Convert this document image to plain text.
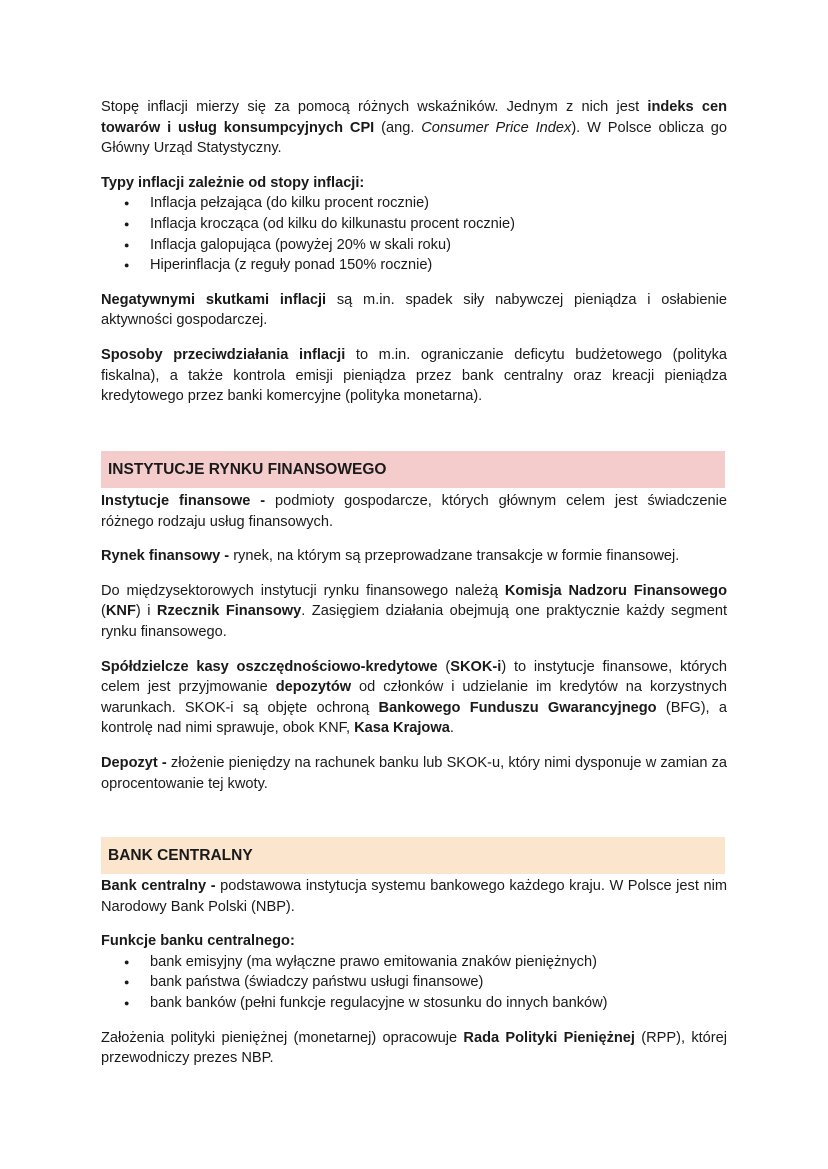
Stopę inflacji mierzy się za pomocą różnych wskaźników. Jednym z nich jest indeks cen towarów i usług konsumpcyjnych CPI (ang. Consumer Price Index). W Polsce oblicza go Główny Urząd Statystyczny.

Typy inflacji zależnie od stopy inflacji:

● Inflacja pełzająca (do kilku procent rocznie)
● Inflacja krocząca (od kilku do kilkunastu procent rocznie)
● Inflacja galopująca (powyżej 20% w skali roku)
● Hiperinflacja (z reguły ponad 150% rocznie)

Negatywnymi skutkami inflacji są m.in. spadek siły nabywczej pieniądza i osłabienie aktywności gospodarczej.

Sposoby przeciwdziałania inflacji to m.in. ograniczanie deficytu budżetowego (polityka fiskalna), a także kontrola emisji pieniądza przez bank centralny oraz kreacji pieniądza kredytowego przez banki komercyjne (polityka monetarna).

INSTYTUCJE RYNKU FINANSOWEGO

Instytucje finansowe - podmioty gospodarcze, których głównym celem jest świadczenie różnego rodzaju usług finansowych.

Rynek finansowy - rynek, na którym są przeprowadzane transakcje w formie finansowej.

Do międzysektorowych instytucji rynku finansowego należą Komisja Nadzoru Finansowego (KNF) i Rzecznik Finansowy. Zasięgiem działania obejmują one praktycznie każdy segment rynku finansowego.

Spółdzielcze kasy oszczędnościowo-kredytowe (SKOK-i) to instytucje finansowe, których celem jest przyjmowanie depozytów od członków i udzielanie im kredytów na korzystnych warunkach. SKOK-i są objęte ochroną Bankowego Funduszu Gwarancyjnego (BFG), a kontrolę nad nimi sprawuje, obok KNF, Kasa Krajowa.

Depozyt - złożenie pieniędzy na rachunek banku lub SKOK-u, który nimi dysponuje w zamian za oprocentowanie tej kwoty.

BANK CENTRALNY

Bank centralny - podstawowa instytucja systemu bankowego każdego kraju. W Polsce jest nim Narodowy Bank Polski (NBP).

Funkcje banku centralnego:

● bank emisyjny (ma wyłączne prawo emitowania znaków pieniężnych)
● bank państwa (świadczy państwu usługi finansowe)
● bank banków (pełni funkcje regulacyjne w stosunku do innych banków)

Założenia polityki pieniężnej (monetarnej) opracowuje Rada Polityki Pieniężnej (RPP), której przewodniczy prezes NBP.
